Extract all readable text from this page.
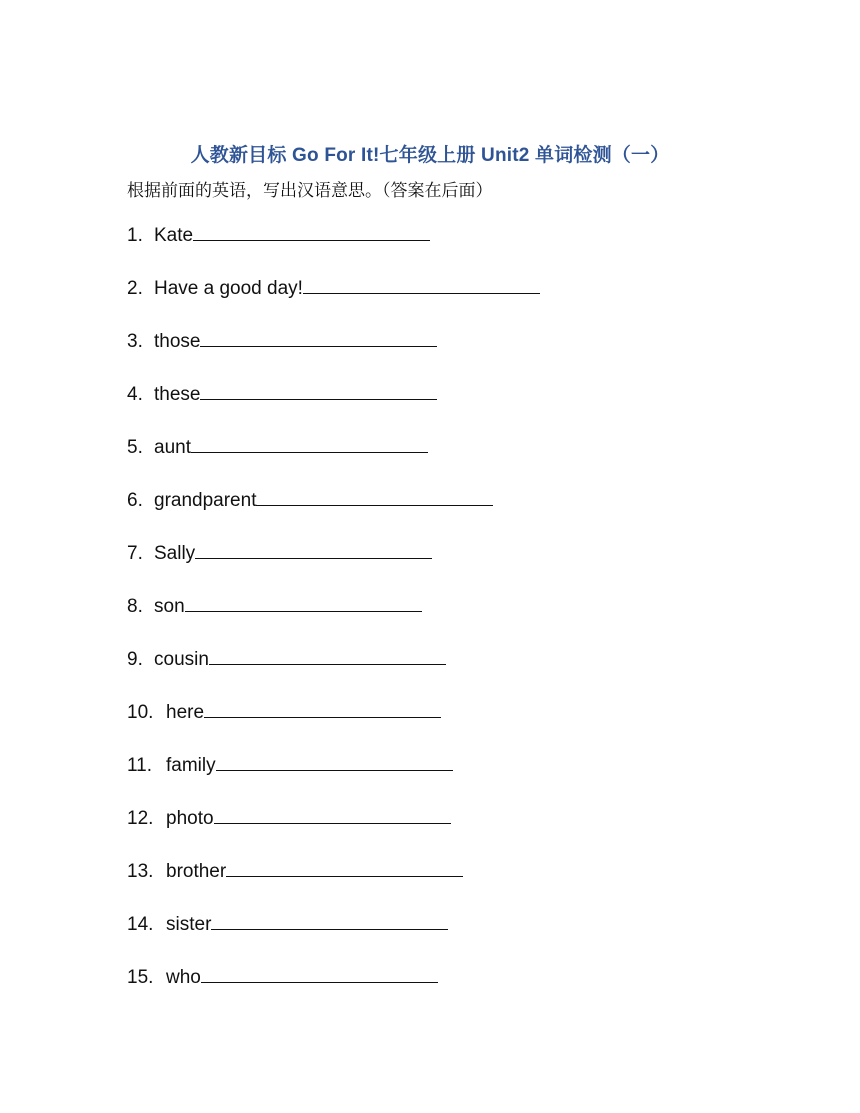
人教新目标 Go For It!七年级上册 Unit2 单词检测（一）
根据前面的英语，写出汉语意思。（答案在后面）
1. Kate
2. Have a good day!
3. those
4. these
5. aunt
6. grandparent
7. Sally
8. son
9. cousin
10. here
11. family
12. photo
13. brother
14. sister
15. who
